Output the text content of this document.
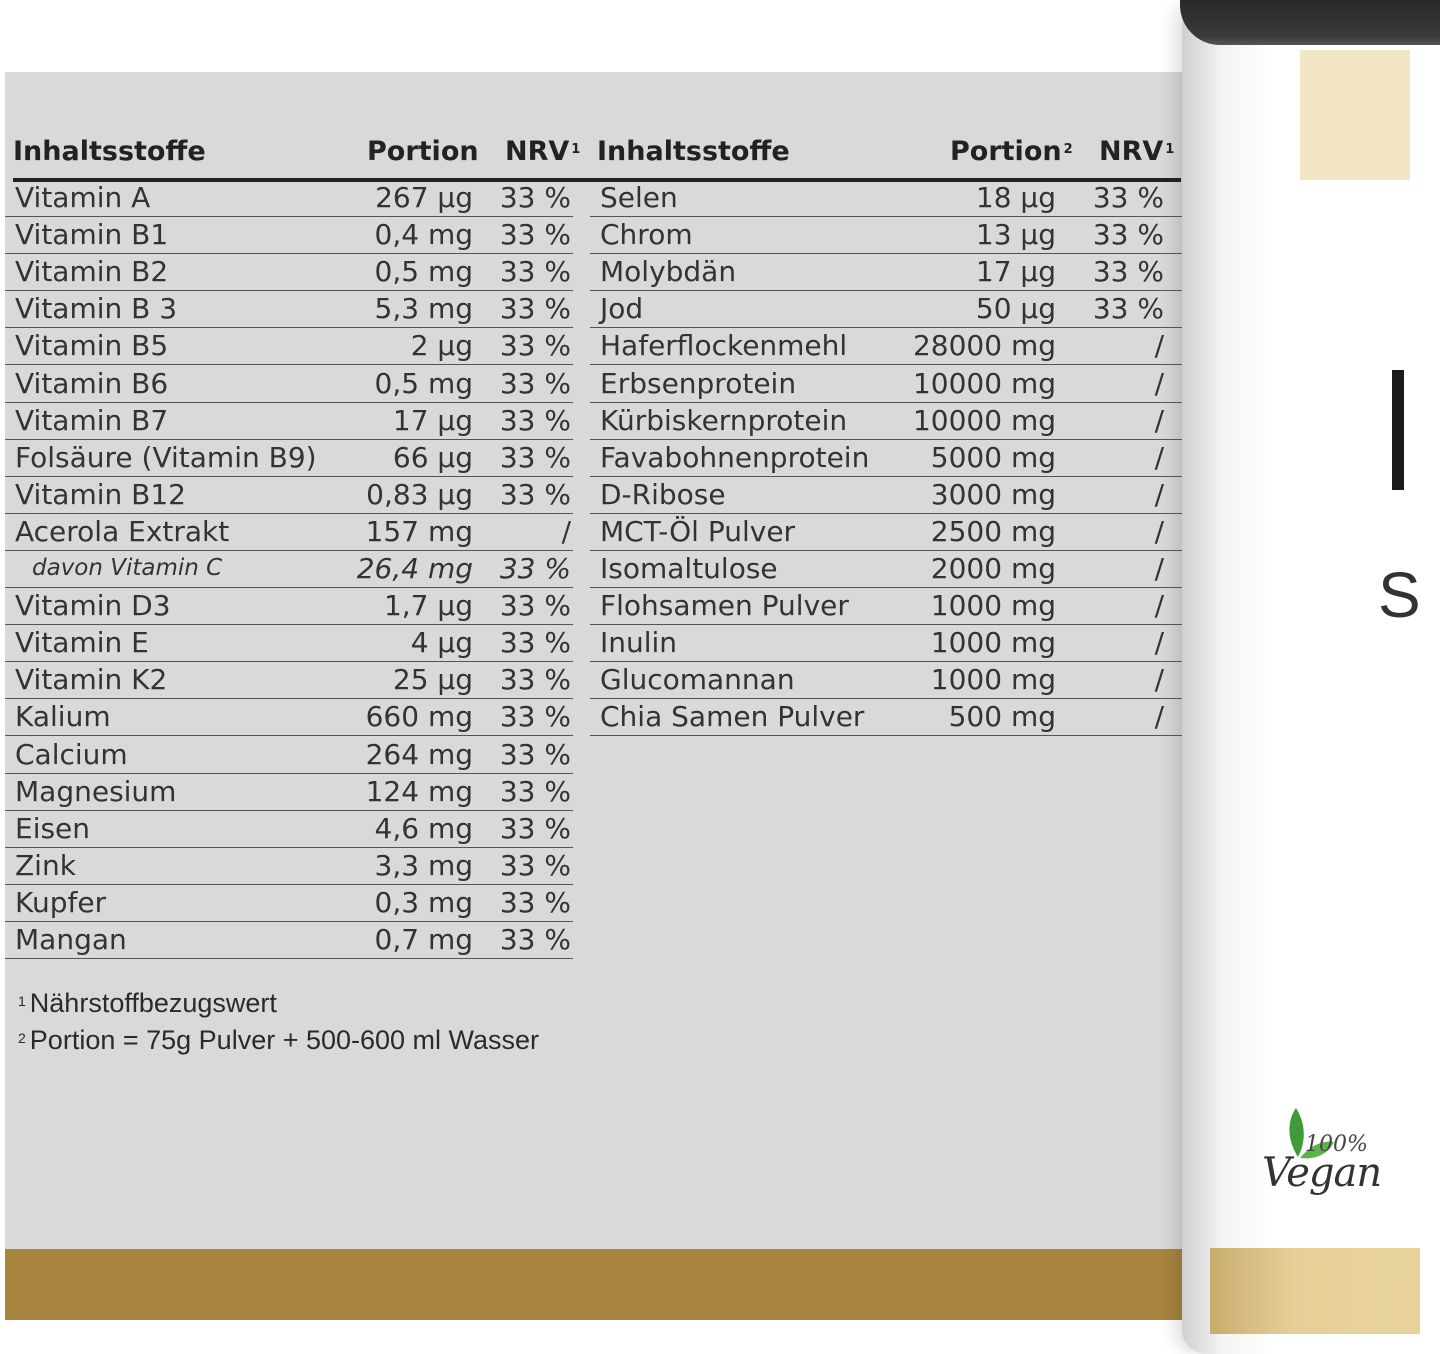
S
100%
Vegan
Inhaltsstoffe	Portion NRV $^1$ Inhaltsstoffe	Portion $^2$ NRV $^1$
Vitamin A	267 µg 33 %
Vitamin B1	0,4 mg 33 %
Vitamin B2	0,5 mg 33 %
Vitamin B 3	5,3 mg 33 %
Vitamin B5	2 µg 33 %
Vitamin B6	0,5 mg 33 %
Vitamin B7	17 µg 33 %
Folsäure (Vitamin B9)	66 µg 33 %
Vitamin B12	0,83 µg 33 %
Acerola Extrakt	157 mg	/
davon Vitamin C	26,4 mg 33 %
Vitamin D3	1,7 µg 33 %
Vitamin E	4 µg 33 %
Vitamin K2	25 µg 33 %
Kalium	660 mg 33 %
Calcium	264 mg 33 %
Magnesium	124 mg 33 %
Eisen	4,6 mg 33 %
Zink	3,3 mg 33 %
Kupfer	0,3 mg 33 %
Mangan	0,7 mg 33 %
Selen	18 µg	33 %
Chrom	13 µg	33 %
Molybdän	17 µg	33 %
Jod	50 µg	33 %
Haferflockenmehl	28000 mg	/
Erbsenprotein	10000 mg	/
Kürbiskernprotein	10000 mg	/
Favabohnenprotein	5000 mg	/
D-Ribose	3000 mg	/
MCT-Öl Pulver	2500 mg	/
Isomaltulose	2000 mg	/
Flohsamen Pulver	1000 mg	/
Inulin	1000 mg	/
Glucomannan	1000 mg	/
Chia Samen Pulver	500 mg	/
$^1$ Nährstoffbezugswert
$^2$ Portion = 75g Pulver + 500-600 ml Wasser
